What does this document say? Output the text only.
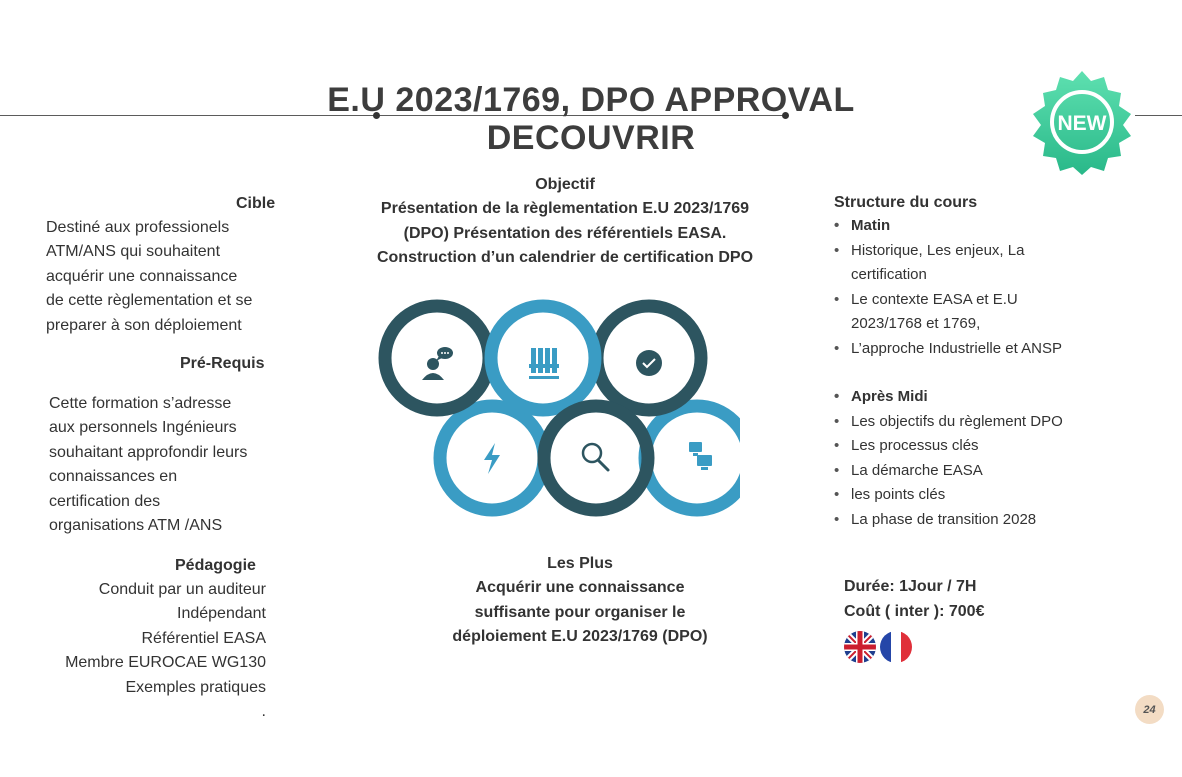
E.U 2023/1769, DPO APPROVAL
DECOUVRIR	NEW
Cible
Destiné aux professionels
ATM/ANS qui souhaitent
acquérir une connaissance
de cette règlementation et se
preparer à son déploiement
Pré-Requis
Cette formation s’adresse
aux personnels Ingénieurs
souhaitant approfondir leurs
connaissances en
certification des
organisations ATM /ANS
Pédagogie
Conduit par un auditeur
Indépendant
Référentiel EASA
Membre EUROCAE WG130
Exemples pratiques
.
Objectif
Présentation de la règlementation E.U 2023/1769
(DPO) Présentation des référentiels EASA.
Construction d’un calendrier de certification DPO
Les Plus
Acquérir une connaissance
suffisante pour organiser le
déploiement E.U 2023/1769 (DPO)
Structure du cours
• Matin
• Historique, Les enjeux, La certification
• Le contexte EASA et E.U 2023/1768 et 1769,
• L’approche Industrielle et ANSP
• Après Midi
• Les objectifs du règlement DPO
• Les processus clés
• La démarche EASA
• les points clés
• La phase de transition 2028
Durée: 1Jour / 7H
Coût ( inter ): 700€
24
